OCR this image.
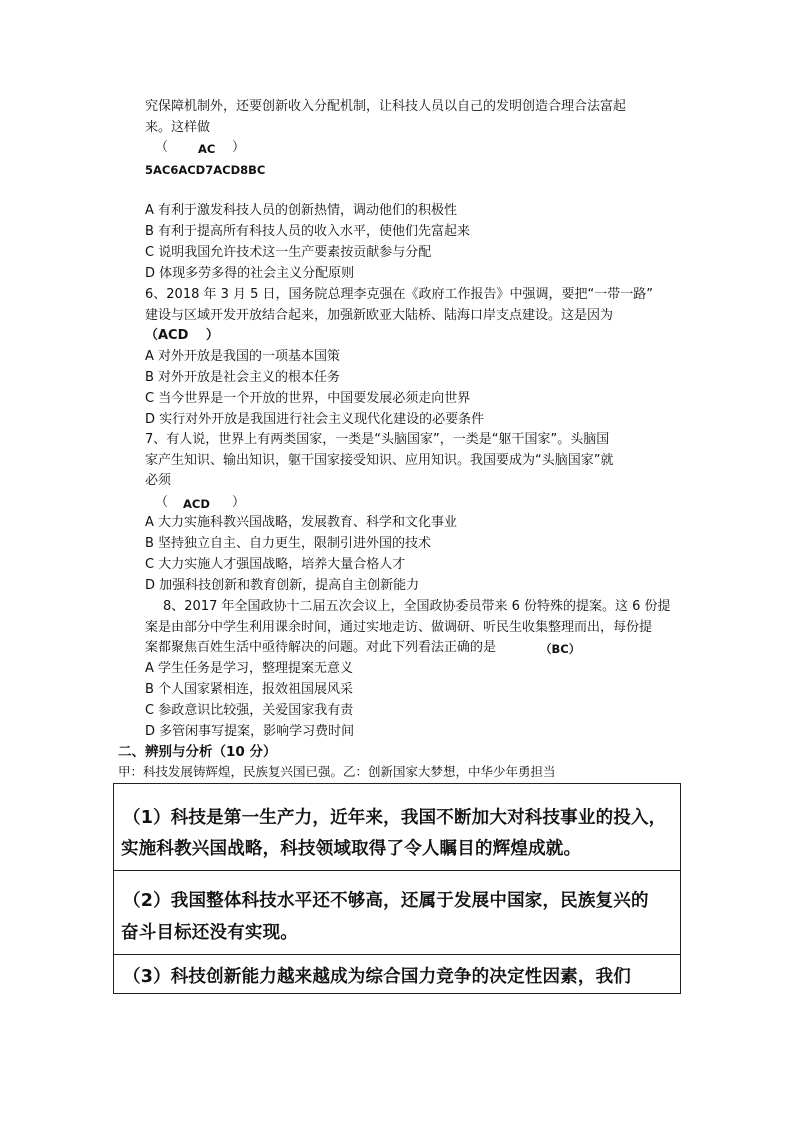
究保障机制外，还要创新收入分配机制，让科技人员以自己的发明创造合理合法富起
来。这样做
（	AC ）
5AC6ACD7ACD8BC
A 有利于激发科技人员的创新热情，调动他们的积极性
B 有利于提高所有科技人员的收入水平，使他们先富起来
C 说明我国允许技术这一生产要素按贡献参与分配
D 体现多劳多得的社会主义分配原则
6、2018 年 3 月 5 日，国务院总理李克强在《政府工作报告》中强调，要把“一带一路”
建设与区域开发开放结合起来，加强新欧亚大陆桥、陆海口岸支点建设。这是因为
（ACD　 ）
A 对外开放是我国的一项基本国策
B 对外开放是社会主义的根本任务
C 当今世界是一个开放的世界，中国要发展必须走向世界
D 实行对外开放是我国进行社会主义现代化建设的必要条件
7、有人说，世界上有两类国家，一类是“头脑国家”，一类是“躯干国家”。头脑国
家产生知识、输出知识，躯干国家接受知识、应用知识。我国要成为“头脑国家”就
必须
（ ACD ）
A 大力实施科教兴国战略，发展教育、科学和文化事业
B 坚持独立自主、自力更生，限制引进外国的技术
C 大力实施人才强国战略，培养大量合格人才
D 加强科技创新和教育创新，提高自主创新能力
8、2017 年全国政协十二届五次会议上，全国政协委员带来 6 份特殊的提案。这 6 份提
案是由部分中学生利用课余时间，通过实地走访、做调研、听民生收集整理而出，每份提
案都聚焦百姓生活中亟待解决的问题。对此下列看法正确的是	（BC）
A 学生任务是学习，整理提案无意义
B 个人国家紧相连，报效祖国展风采
C 参政意识比较强，关爱国家我有责
D 多管闲事写提案，影响学习费时间
二、辨别与分析（10 分）
甲：科技发展铸辉煌，民族复兴国已强。乙：创新国家大梦想，中华少年勇担当
（1）科技是第一生产力，近年来，我国不断加大对科技事业的投入，
实施科教兴国战略，科技领域取得了令人瞩目的辉煌成就。
（2）我国整体科技水平还不够高，还属于发展中国家，民族复兴的
奋斗目标还没有实现。
（3）科技创新能力越来越成为综合国力竞争的决定性因素，我们
